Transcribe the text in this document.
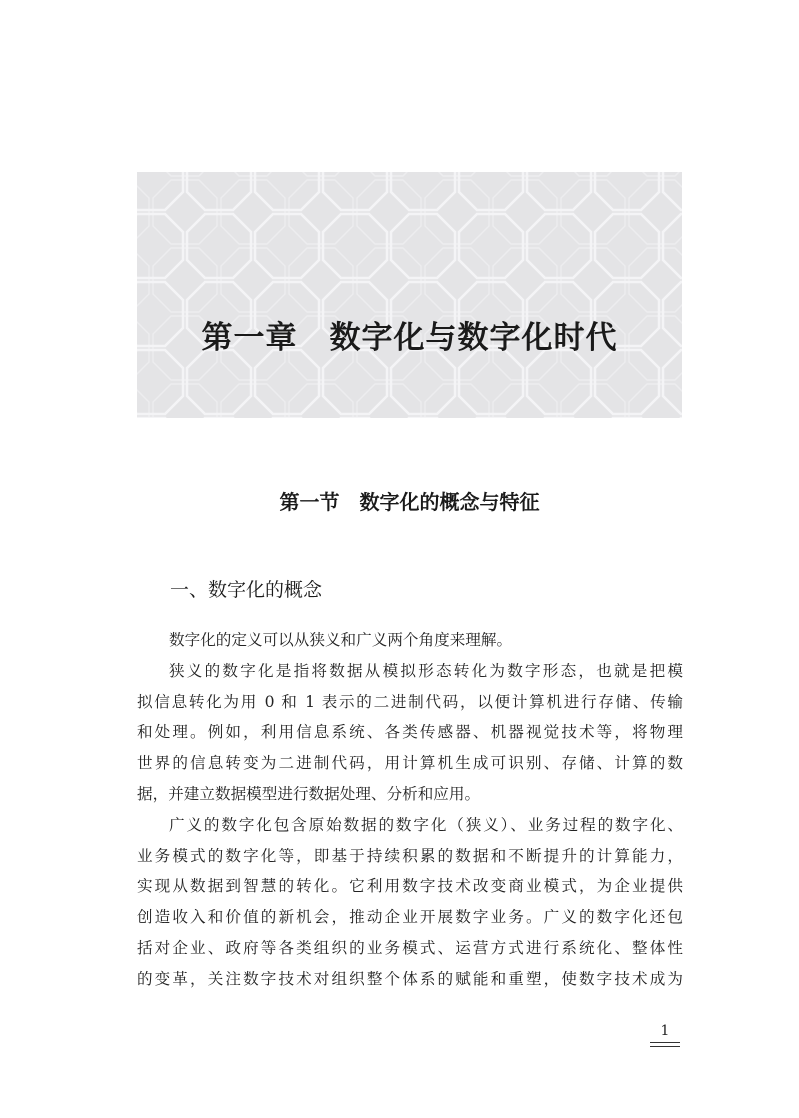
第一章　数字化与数字化时代
第一节　数字化的概念与特征
一、数字化的概念
数字化的定义可以从狭义和广义两个角度来理解。
狭义的数字化是指将数据从模拟形态转化为数字形态，也就是把模
拟信息转化为用 0 和 1 表示的二进制代码，以便计算机进行存储、传输
和处理。例如，利用信息系统、各类传感器、机器视觉技术等，将物理
世界的信息转变为二进制代码，用计算机生成可识别、存储、计算的数
据，并建立数据模型进行数据处理、分析和应用。
广义的数字化包含原始数据的数字化（狭义）、业务过程的数字化、
业务模式的数字化等，即基于持续积累的数据和不断提升的计算能力，
实现从数据到智慧的转化。它利用数字技术改变商业模式，为企业提供
创造收入和价值的新机会，推动企业开展数字业务。广义的数字化还包
括对企业、政府等各类组织的业务模式、运营方式进行系统化、整体性
的变革，关注数字技术对组织整个体系的赋能和重塑，使数字技术成为
1
